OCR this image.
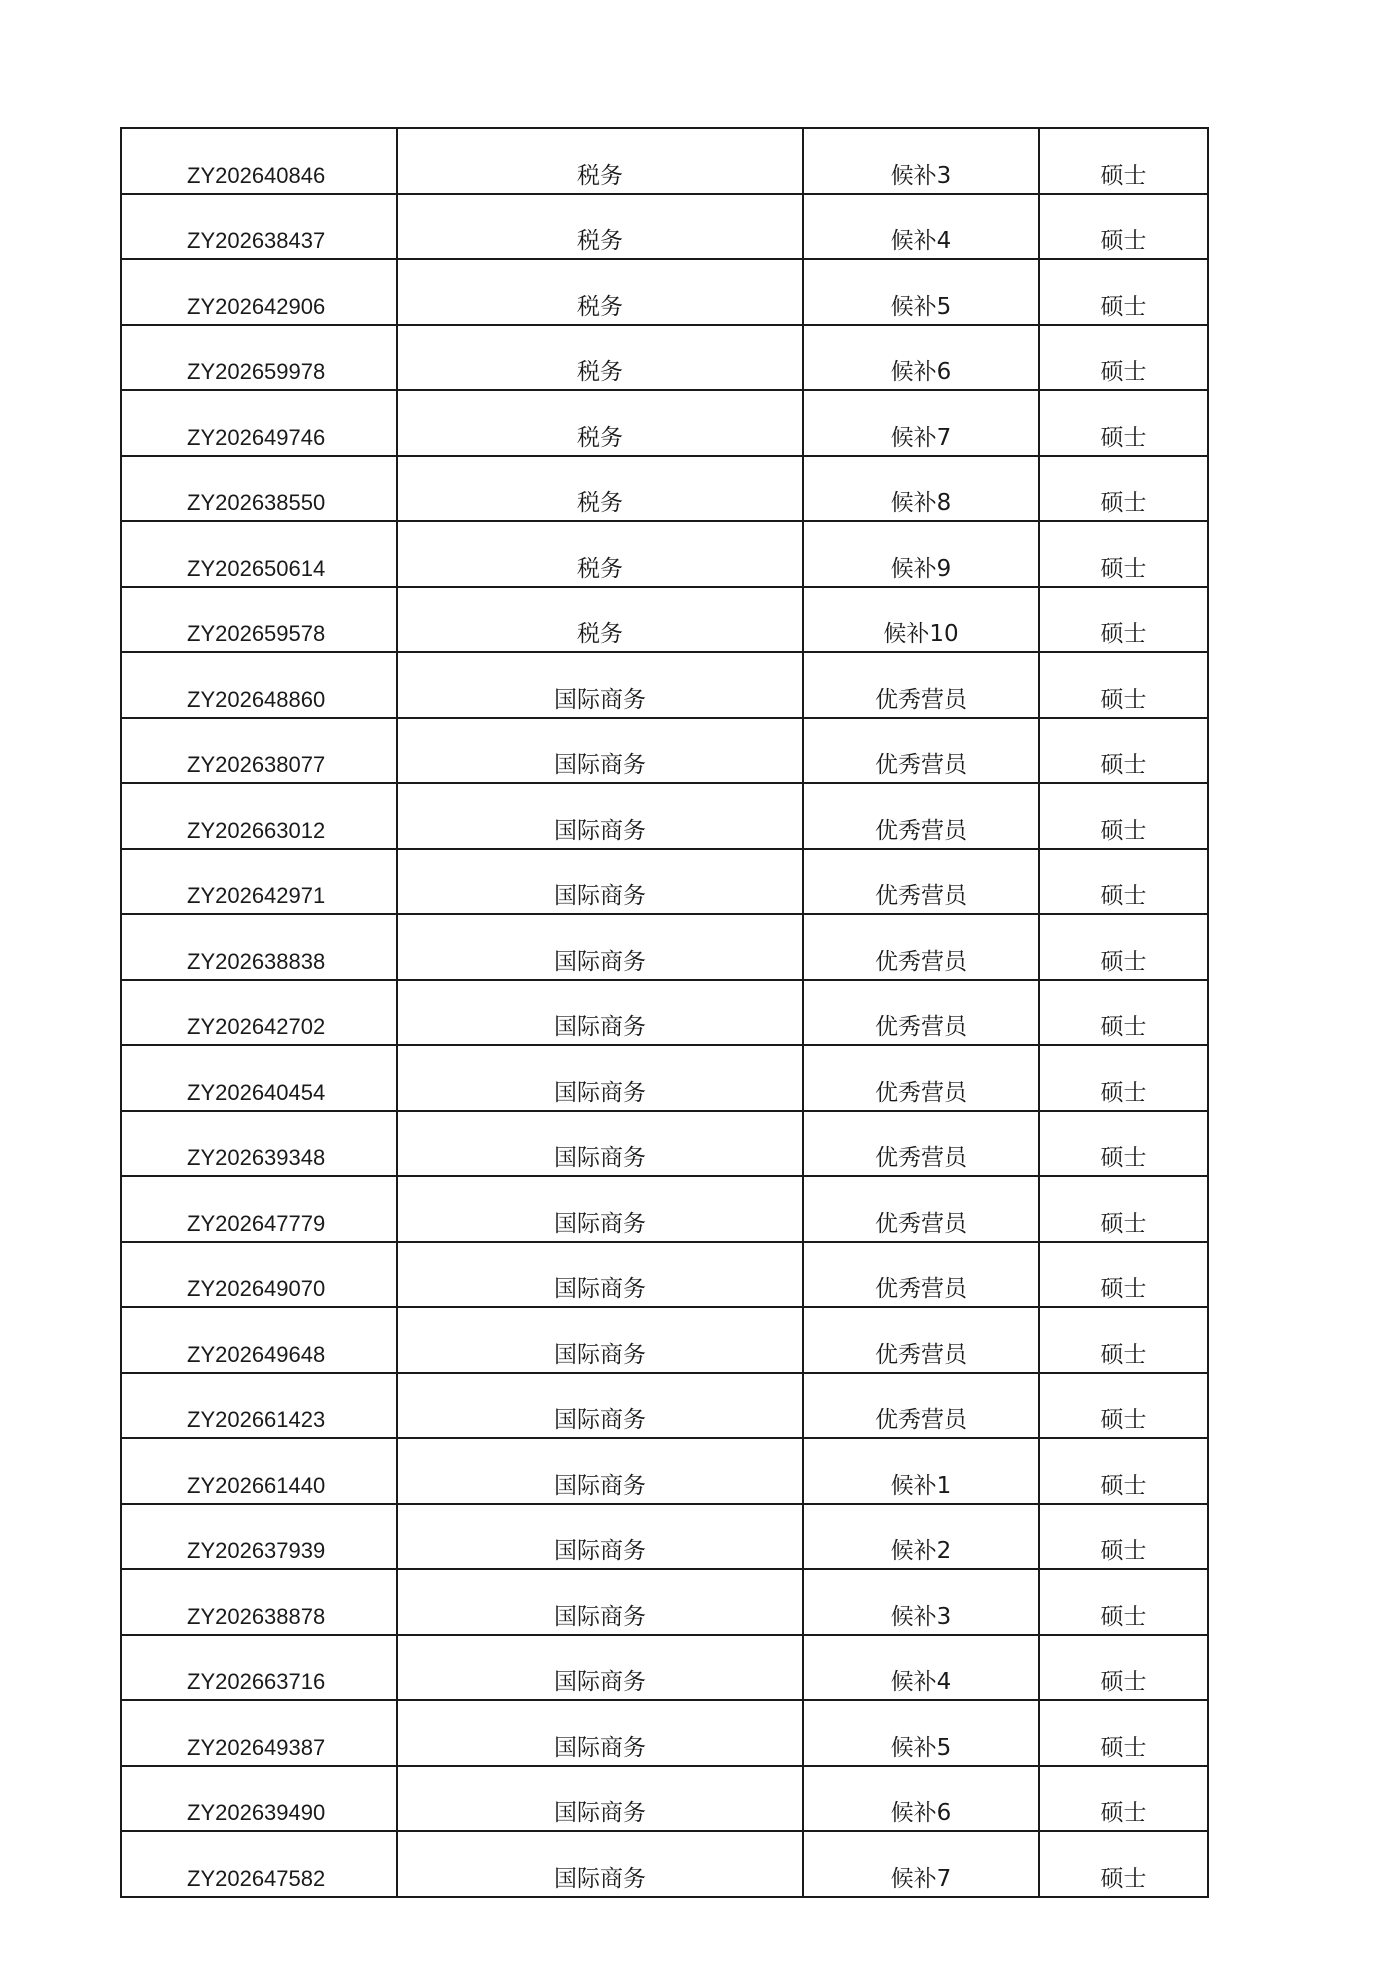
ZY202640846	税务	候补3	硕士
ZY202638437	税务	候补4	硕士
ZY202642906	税务	候补5	硕士
ZY202659978	税务	候补6	硕士
ZY202649746	税务	候补7	硕士
ZY202638550	税务	候补8	硕士
ZY202650614	税务	候补9	硕士
ZY202659578	税务	候补10	硕士
ZY202648860	国际商务	优秀营员	硕士
ZY202638077	国际商务	优秀营员	硕士
ZY202663012	国际商务	优秀营员	硕士
ZY202642971	国际商务	优秀营员	硕士
ZY202638838	国际商务	优秀营员	硕士
ZY202642702	国际商务	优秀营员	硕士
ZY202640454	国际商务	优秀营员	硕士
ZY202639348	国际商务	优秀营员	硕士
ZY202647779	国际商务	优秀营员	硕士
ZY202649070	国际商务	优秀营员	硕士
ZY202649648	国际商务	优秀营员	硕士
ZY202661423	国际商务	优秀营员	硕士
ZY202661440	国际商务	候补1	硕士
ZY202637939	国际商务	候补2	硕士
ZY202638878	国际商务	候补3	硕士
ZY202663716	国际商务	候补4	硕士
ZY202649387	国际商务	候补5	硕士
ZY202639490	国际商务	候补6	硕士
ZY202647582	国际商务	候补7	硕士
